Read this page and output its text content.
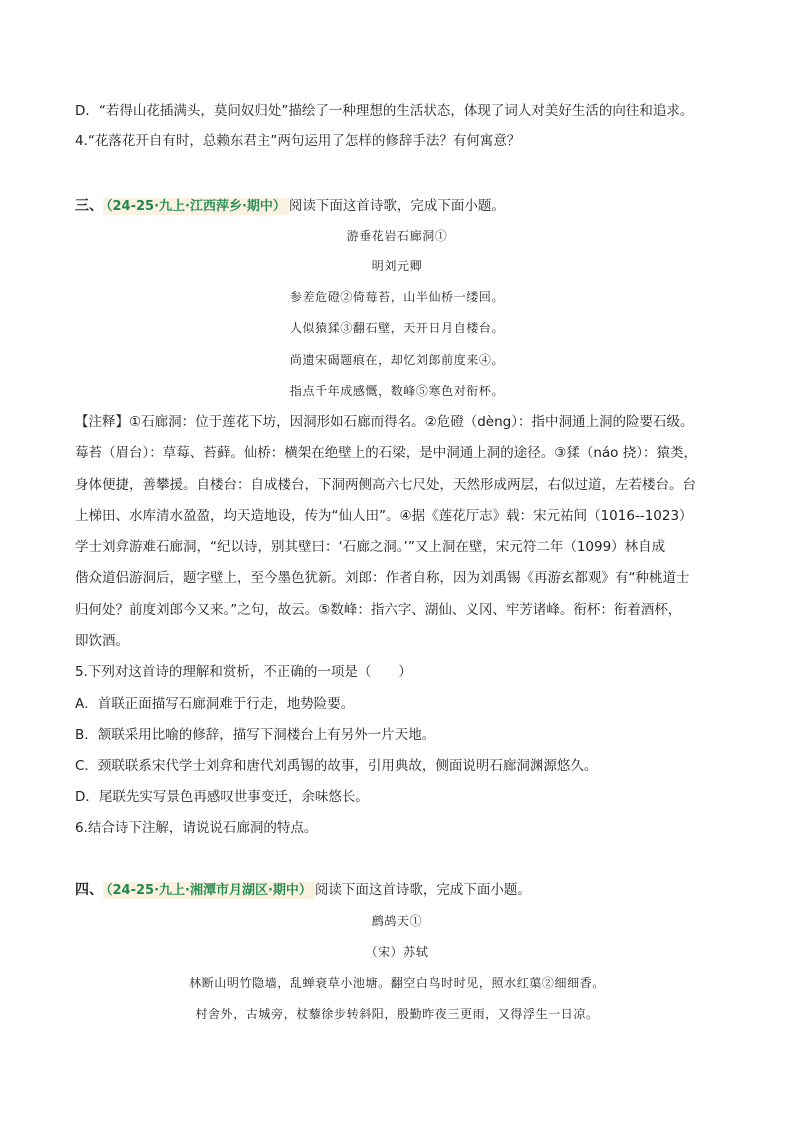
D．“若得山花插满头，莫问奴归处”描绘了一种理想的生活状态，体现了词人对美好生活的向往和追求。
4.“花落花开自有时，总赖东君主”两句运用了怎样的修辞手法？有何寓意？
三、 （24-25·九上·江西萍乡·期中） 阅读下面这首诗歌，完成下面小题。
游垂花岩石廊洞①
明刘元卿
参差危磴②倚莓苔，山半仙桥一缕回。
人似猿猱③翻石壁，天开日月自楼台。
尚遗宋碣题痕在，却忆刘郎前度来④。
指点千年成感慨，数峰⑤寒色对衔杯。
【注释】①石廊洞：位于莲花下坊，因洞形如石廊而得名。②危磴（dèng）：指中洞通上洞的险要石级。
莓苔（眉台）：草莓、苔藓。仙桥：横架在绝壁上的石梁，是中洞通上洞的途径。③猱（náo 挠）：猿类，
身体便捷，善攀援。自楼台：自成楼台，下洞两侧高六七尺处，天然形成两层，右似过道，左若楼台。台
上梯田、水库清水盈盈，均天造地设，传为“仙人田”。④据《莲花厅志》载：宋元祐间（1016--1023）
学士刘弇游难石廊洞，“纪以诗，别其壁曰：‘石廊之洞。’”又上洞在壁，宋元符二年（1099）林自成
偕众道侣游洞后，题字壁上，至今墨色犹新。刘郎：作者自称，因为刘禹锡《再游玄都观》有“种桃道士
归何处？前度刘郎今又来。”之句，故云。⑤数峰：指六字、湖仙、义冈、牢芳诸峰。衔杯：衔着酒杯，
即饮酒。
5.下列对这首诗的理解和赏析，不正确的一项是（　　）
A．首联正面描写石廊洞难于行走，地势险要。
B．颔联采用比喻的修辞，描写下洞楼台上有另外一片天地。
C．颈联联系宋代学士刘弇和唐代刘禹锡的故事，引用典故，侧面说明石廊洞渊源悠久。
D．尾联先实写景色再感叹世事变迁，余味悠长。
6.结合诗下注解，请说说石廊洞的特点。
四、 （24-25·九上·湘潭市月湖区·期中） 阅读下面这首诗歌，完成下面小题。
鹧鸪天①
（宋）苏轼
林断山明竹隐墙，乱蝉衰草小池塘。翻空白鸟时时见，照水红蕖②细细香。
村舍外，古城旁，杖藜徐步转斜阳，殷勤昨夜三更雨，又得浮生一日凉。
